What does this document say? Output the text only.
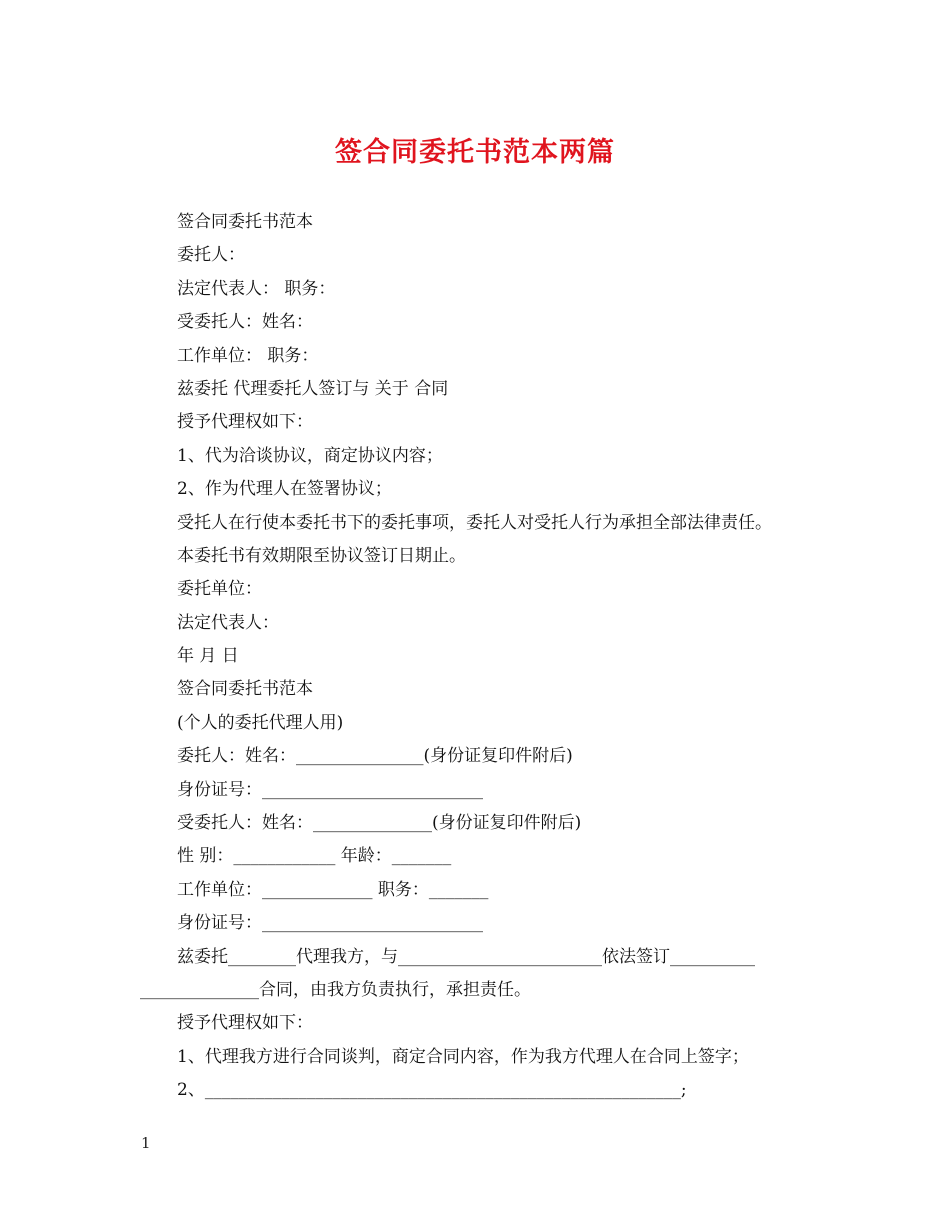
签合同委托书范本两篇
签合同委托书范本
委托人：
法定代表人： 职务：
受委托人：姓名：
工作单位： 职务：
兹委托 代理委托人签订与 关于 合同
授予代理权如下：
1、代为洽谈协议，商定协议内容；
2、作为代理人在签署协议；
受托人在行使本委托书下的委托事项，委托人对受托人行为承担全部法律责任。
本委托书有效期限至协议签订日期止。
委托单位：
法定代表人：
年 月 日
签合同委托书范本
(个人的委托代理人用)
委托人：姓名：_______________(身份证复印件附后)
身份证号：__________________________
受委托人：姓名：______________(身份证复印件附后)
性 别：____________ 年龄：_______
工作单位：_____________ 职务：_______
身份证号：__________________________
兹委托________代理我方，与________________________依法签订__________
______________合同，由我方负责执行，承担责任。
授予代理权如下：
1、代理我方进行合同谈判，商定合同内容，作为我方代理人在合同上签字；
2、________________________________________________________;
1
